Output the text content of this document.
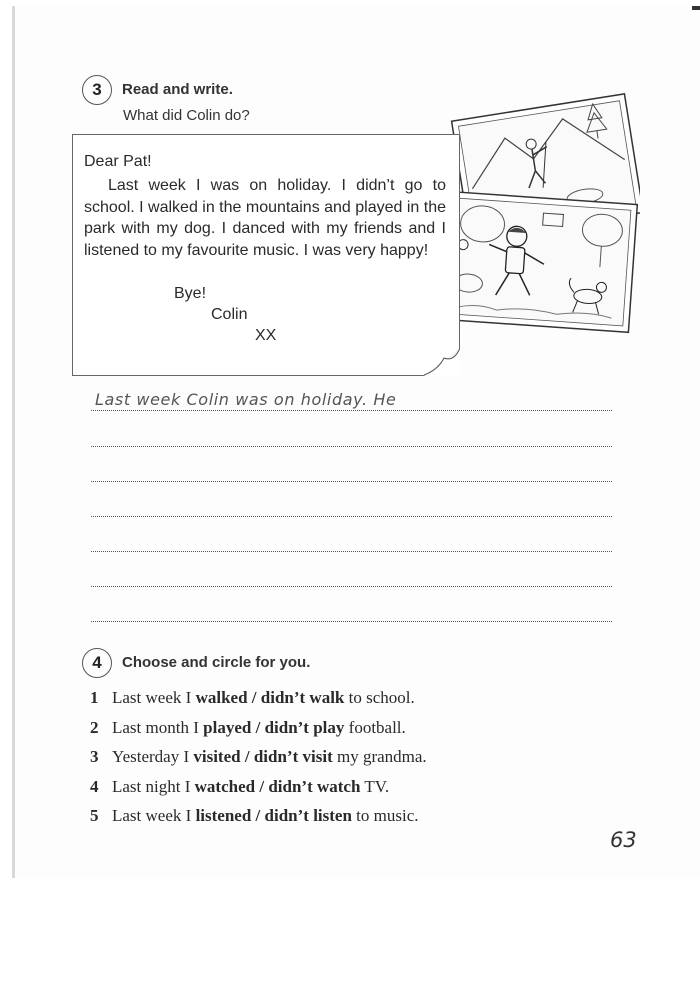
3	Read and write.
What did Colin do?
Dear Pat!
Last week I was on holiday. I didn’t go to school. I walked in the mountains and played in the park with my dog. I danced with my friends and I listened to my favourite music. I was very happy!
Bye!
Colin
XX
Last week Colin was on holiday. He
4	Choose and circle for you.
1 Last week I walked / didn’t walk to school.
2 Last month I played / didn’t play football.
3 Yesterday I visited / didn’t visit my grandma.
4 Last night I watched / didn’t watch TV.
5 Last week I listened / didn’t listen to music.
63
